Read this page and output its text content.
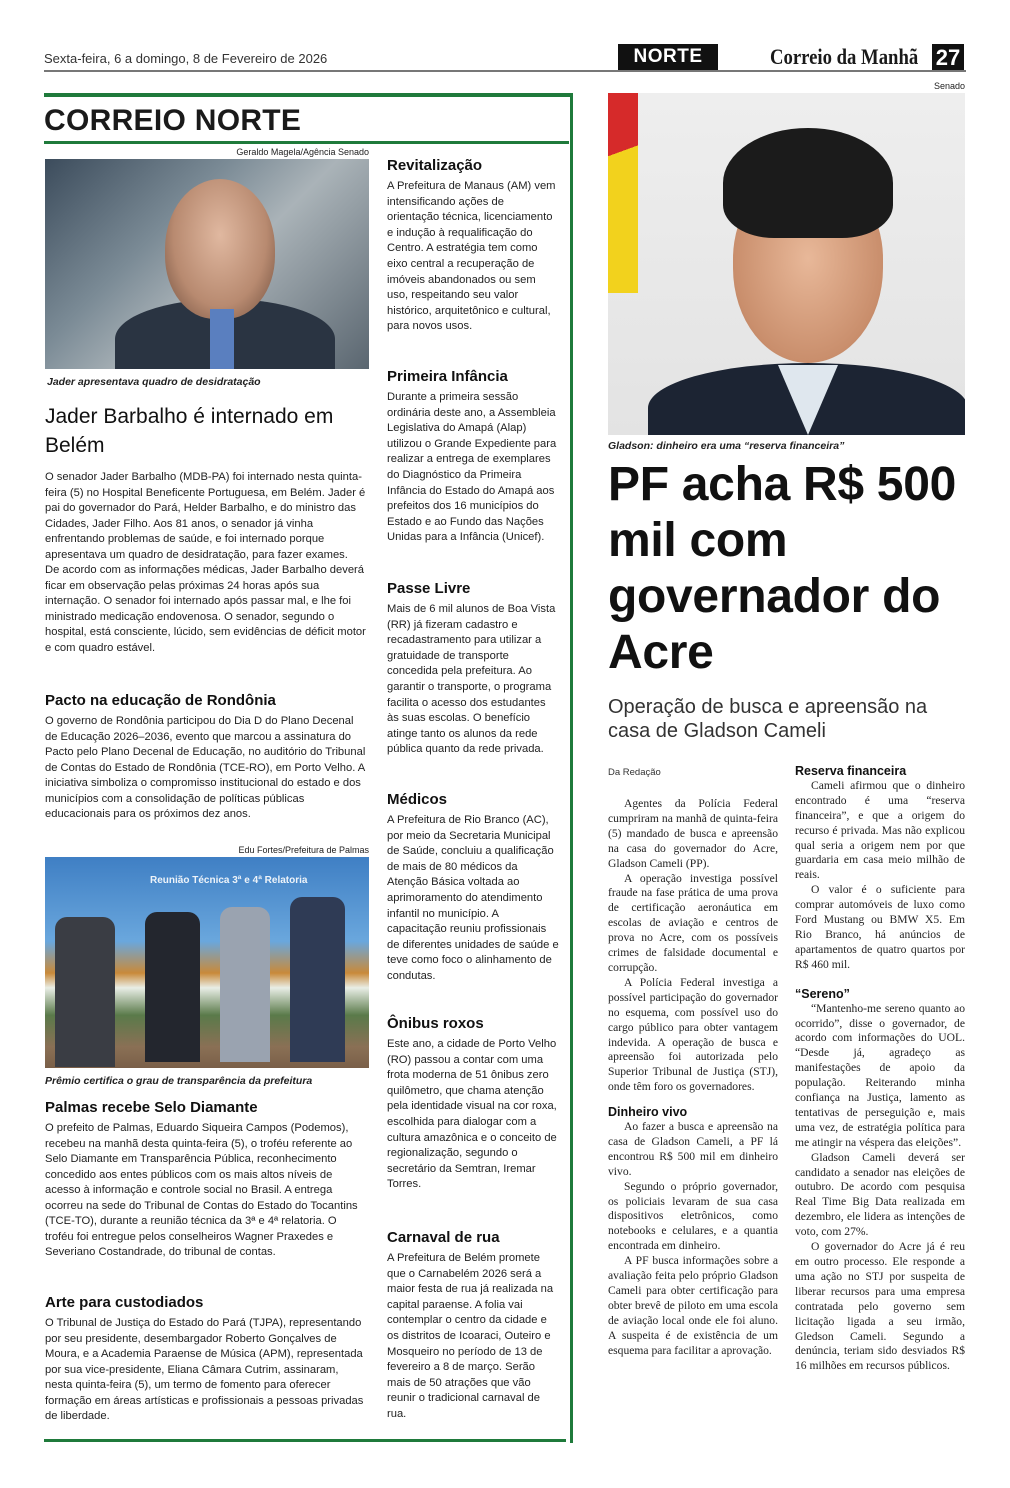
Sexta-feira, 6 a domingo, 8 de Fevereiro de 2026	NORTE	Correio da Manhã 27
CORREIO NORTE
Geraldo Magela/Agência Senado
Jader apresentava quadro de desidratação
Jader Barbalho é internado em Belém

O senador Jader Barbalho (MDB-PA) foi internado nesta quinta-feira (5) no Hospital Beneficente Portuguesa, em Belém. Jader é pai do governador do Pará, Helder Barbalho, e do ministro das Cidades, Jader Filho. Aos 81 anos, o senador já vinha enfrentando problemas de saúde, e foi internado porque apresentava um quadro de desidratação, para fazer exames.

De acordo com as informações médicas, Jader Barbalho deverá ficar em observação pelas próximas 24 horas após sua internação. O senador foi internado após passar mal, e lhe foi ministrado medicação endovenosa. O senador, segundo o hospital, está consciente, lúcido, sem evidências de déficit motor e com quadro estável.

Pacto na educação de Rondônia
O governo de Rondônia participou do Dia D do Plano Decenal de Educação 2026–2036, evento que marcou a assinatura do Pacto pelo Plano Decenal de Educação, no auditório do Tribunal de Contas do Estado de Rondônia (TCE-RO), em Porto Velho. A iniciativa simboliza o compromisso institucional do estado e dos municípios com a consolidação de políticas públicas educacionais para os próximos dez anos.
Edu Fortes/Prefeitura de Palmas
Reunião Técnica 3ª e 4ª Relatoria
Prêmio certifica o grau de transparência da prefeitura
Palmas recebe Selo Diamante
O prefeito de Palmas, Eduardo Siqueira Campos (Podemos), recebeu na manhã desta quinta-feira (5), o troféu referente ao Selo Diamante em Transparência Pública, reconhecimento concedido aos entes públicos com os mais altos níveis de acesso à informação e controle social no Brasil. A entrega ocorreu na sede do Tribunal de Contas do Estado do Tocantins (TCE-TO), durante a reunião técnica da 3ª e 4ª relatoria. O troféu foi entregue pelos conselheiros Wagner Praxedes e Severiano Costandrade, do tribunal de contas.
Arte para custodiados
O Tribunal de Justiça do Estado do Pará (TJPA), representando por seu presidente, desembargador Roberto Gonçalves de Moura, e a Academia Paraense de Música (APM), representada por sua vice-presidente, Eliana Câmara Cutrim, assinaram, nesta quinta-feira (5), um termo de fomento para oferecer formação em áreas artísticas e profissionais a pessoas privadas de liberdade.
Revitalização
A Prefeitura de Manaus (AM) vem intensificando ações de orientação técnica, licenciamento e indução à requalificação do Centro. A estratégia tem como eixo central a recuperação de imóveis abandonados ou sem uso, respeitando seu valor histórico, arquitetônico e cultural, para novos usos.
Primeira Infância
Durante a primeira sessão ordinária deste ano, a Assembleia Legislativa do Amapá (Alap) utilizou o Grande Expediente para realizar a entrega de exemplares do Diagnóstico da Primeira Infância do Estado do Amapá aos prefeitos dos 16 municípios do Estado e ao Fundo das Nações Unidas para a Infância (Unicef).
Passe Livre
Mais de 6 mil alunos de Boa Vista (RR) já fizeram cadastro e recadastramento para utilizar a gratuidade de transporte concedida pela prefeitura. Ao garantir o transporte, o programa facilita o acesso dos estudantes às suas escolas. O benefício atinge tanto os alunos da rede pública quanto da rede privada.
Médicos
A Prefeitura de Rio Branco (AC), por meio da Secretaria Municipal de Saúde, concluiu a qualificação de mais de 80 médicos da Atenção Básica voltada ao aprimoramento do atendimento infantil no município. A capacitação reuniu profissionais de diferentes unidades de saúde e teve como foco o alinhamento de condutas.
Ônibus roxos
Este ano, a cidade de Porto Velho (RO) passou a contar com uma frota moderna de 51 ônibus zero quilômetro, que chama atenção pela identidade visual na cor roxa, escolhida para dialogar com a cultura amazônica e o conceito de regionalização, segundo o secretário da Semtran, Iremar Torres.
Carnaval de rua
A Prefeitura de Belém promete que o Carnabelém 2026 será a maior festa de rua já realizada na capital paraense. A folia vai contemplar o centro da cidade e os distritos de Icoaraci, Outeiro e Mosqueiro no período de 13 de fevereiro a 8 de março. Serão mais de 50 atrações que vão reunir o tradicional carnaval de rua.
Senado
Gladson: dinheiro era uma “reserva financeira”
PF acha R$ 500 mil com governador do Acre
Operação de busca e apreensão na casa de Gladson Cameli
Da Redação

Agentes da Polícia Federal cumpriram na manhã de quinta-feira (5) mandado de busca e apreensão na casa do governador do Acre, Gladson Cameli (PP).

A operação investiga possível fraude na fase prática de uma prova de certificação aeronáutica em escolas de aviação e centros de prova no Acre, com os possíveis crimes de falsidade documental e corrupção.

A Polícia Federal investiga a possível participação do governador no esquema, com possível uso do cargo público para obter vantagem indevida. A operação de busca e apreensão foi autorizada pelo Superior Tribunal de Justiça (STJ), onde têm foro os governadores.

Dinheiro vivo

Ao fazer a busca e apreensão na casa de Gladson Cameli, a PF lá encontrou R$ 500 mil em dinheiro vivo.

Segundo o próprio governador, os policiais levaram de sua casa dispositivos eletrônicos, como notebooks e celulares, e a quantia encontrada em dinheiro.

A PF busca informações sobre a avaliação feita pelo próprio Gladson Cameli para obter certificação para obter brevê de piloto em uma escola de aviação local onde ele foi aluno. A suspeita é de existência de um esquema para facilitar a aprovação.

Reserva financeira

Cameli afirmou que o dinheiro encontrado é uma “reserva financeira”, e que a origem do recurso é privada. Mas não explicou qual seria a origem nem por que guardaria em casa meio milhão de reais.

O valor é o suficiente para comprar automóveis de luxo como Ford Mustang ou BMW X5. Em Rio Branco, há anúncios de apartamentos de quatro quartos por R$ 460 mil.

“Sereno”

“Mantenho-me sereno quanto ao ocorrido”, disse o governador, de acordo com informações do UOL. “Desde já, agradeço as manifestações de apoio da população. Reiterando minha confiança na Justiça, lamento as tentativas de perseguição e, mais uma vez, de estratégia política para me atingir na véspera das eleições”.

Gladson Cameli deverá ser candidato a senador nas eleições de outubro. De acordo com pesquisa Real Time Big Data realizada em dezembro, ele lidera as intenções de voto, com 27%.

O governador do Acre já é reu em outro processo. Ele responde a uma ação no STJ por suspeita de liberar recursos para uma empresa contratada pelo governo sem licitação ligada a seu irmão, Gledson Cameli. Segundo a denúncia, teriam sido desviados R$ 16 milhões em recursos públicos.
